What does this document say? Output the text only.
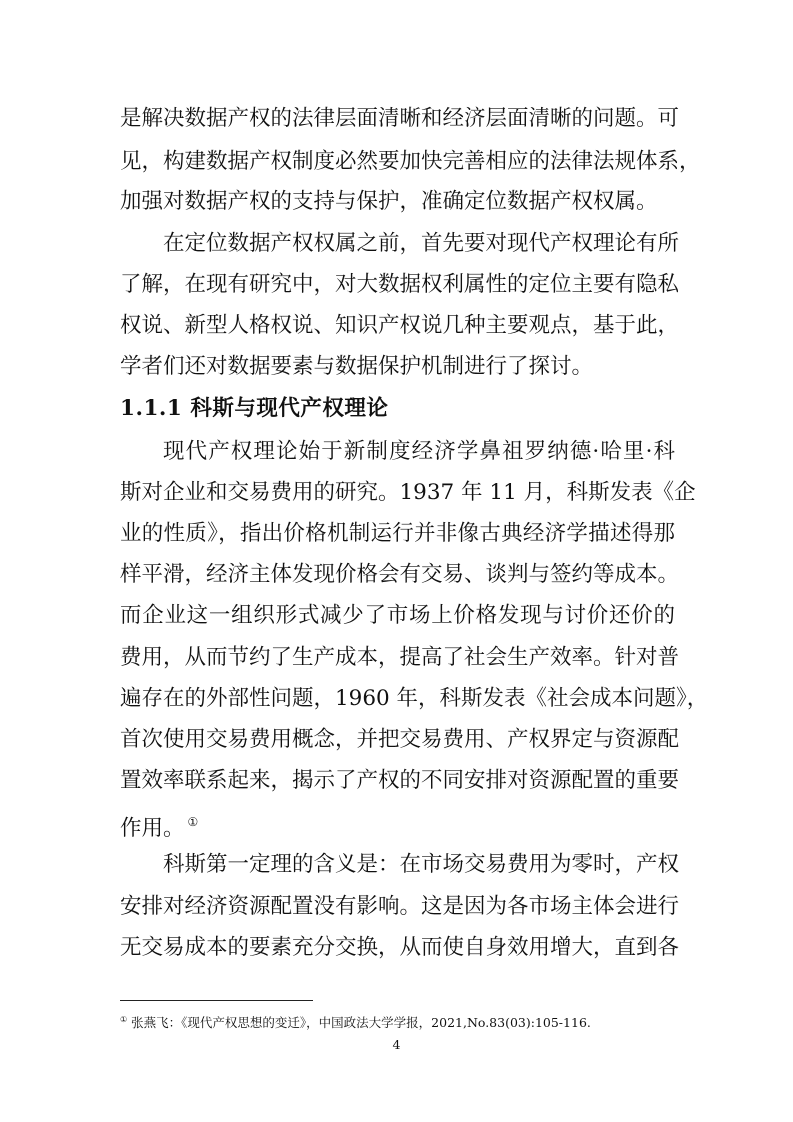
是解决数据产权的法律层面清晰和经济层面清晰的问题。可
见，构建数据产权制度必然要加快完善相应的法律法规体系，
加强对数据产权的支持与保护，准确定位数据产权权属。
在定位数据产权权属之前，首先要对现代产权理论有所
了解，在现有研究中，对大数据权利属性的定位主要有隐私
权说、新型人格权说、知识产权说几种主要观点，基于此，
学者们还对数据要素与数据保护机制进行了探讨。
1.1.1 科斯与现代产权理论
现代产权理论始于新制度经济学鼻祖罗纳德·哈里·科
斯对企业和交易费用的研究。1937 年 11 月，科斯发表《企
业的性质》，指出价格机制运行并非像古典经济学描述得那
样平滑，经济主体发现价格会有交易、谈判与签约等成本。
而企业这一组织形式减少了市场上价格发现与讨价还价的
费用，从而节约了生产成本，提高了社会生产效率。针对普
遍存在的外部性问题，1960 年，科斯发表《社会成本问题》，
首次使用交易费用概念，并把交易费用、产权界定与资源配
置效率联系起来，揭示了产权的不同安排对资源配置的重要
作用。 ①
科斯第一定理的含义是：在市场交易费用为零时，产权
安排对经济资源配置没有影响。这是因为各市场主体会进行
无交易成本的要素充分交换，从而使自身效用增大，直到各
① 张燕飞：《现代产权思想的变迁》，中国政法大学学报，2021,No.83(03):105-116.
4
